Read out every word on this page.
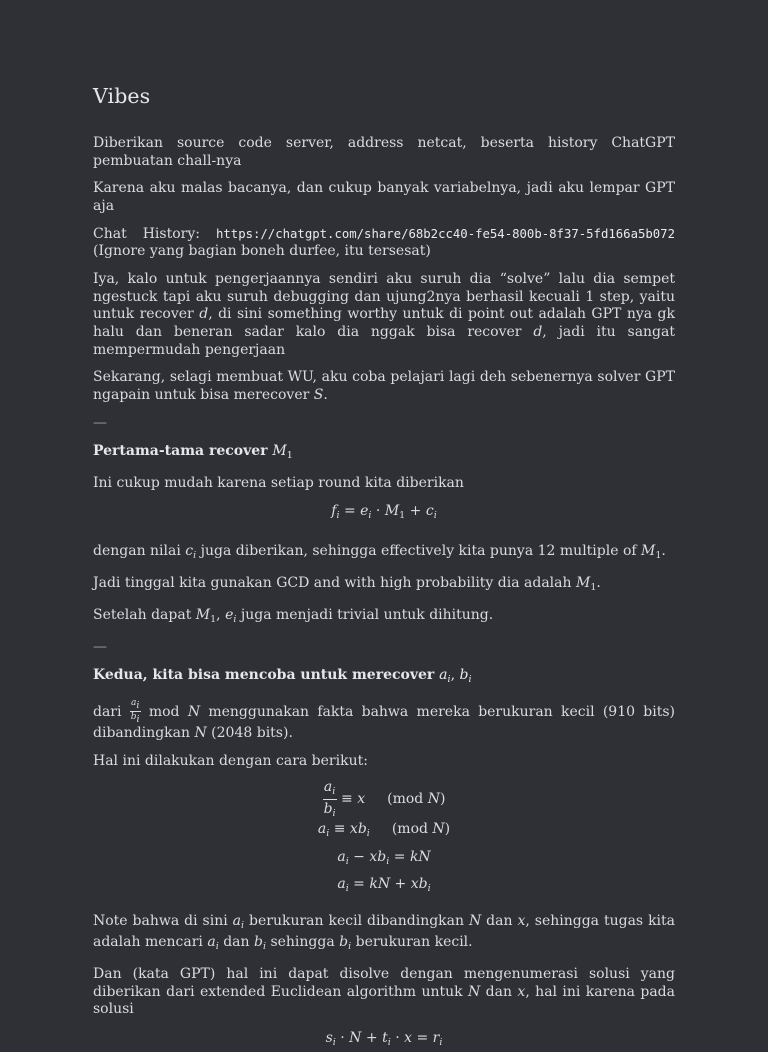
Vibes

Diberikan source code server, address netcat, beserta history ChatGPT pembuatan chall-nya

Karena aku malas bacanya, dan cukup banyak variabelnya, jadi aku lempar GPT aja

Chat History: https://chatgpt.com/share/68b2cc40-fe54-800b-8f37-5fd166a5b072 (Ignore yang bagian boneh durfee, itu tersesat)

Iya, kalo untuk pengerjaannya sendiri aku suruh dia “solve” lalu dia sempet ngestuck tapi aku suruh debugging dan ujung2nya berhasil kecuali 1 step, yaitu untuk recover d, di sini something worthy untuk di point out adalah GPT nya gk halu dan beneran sadar kalo dia nggak bisa recover d, jadi itu sangat mempermudah pengerjaan

Sekarang, selagi membuat WU, aku coba pelajari lagi deh sebenernya solver GPT ngapain untuk bisa merecover S.

—
Pertama-tama recover $M_1$

Ini cukup mudah karena setiap round kita diberikan

$f_i = e_i \cdot M_1 + c_i$

dengan nilai $c_i$ juga diberikan, sehingga effectively kita punya 12 multiple of $M_1$.

Jadi tinggal kita gunakan GCD and with high probability dia adalah $M_1$.

Setelah dapat $M_1$, $e_i$ juga menjadi trivial untuk dihitung.

—
Kedua, kita bisa mencoba untuk merecover $a_i$, $b_i$

dari $\frac{ai}{bi}$ mod N menggunakan fakta bahwa mereka berukuran kecil (910 bits) dibandingkan N (2048 bits).

Hal ini dilakukan dengan cara berikut:

$\frac{a_i}{b_i} \equiv x$ (mod N)
$a_i \equiv xb_i$ (mod N)
$a_i - xb_i$ = kN
$a_i$ = kN + $xb_i$

Note bahwa di sini $a_i$ berukuran kecil dibandingkan N dan x, sehingga tugas kita adalah mencari $a_i$ dan $b_i$ sehingga $b_i$ berukuran kecil.

Dan (kata GPT) hal ini dapat disolve dengan mengenumerasi solusi yang diberikan dari extended Euclidean algorithm untuk N dan x, hal ini karena pada solusi

$s_i \cdot N + t_i \cdot x = r_i$
